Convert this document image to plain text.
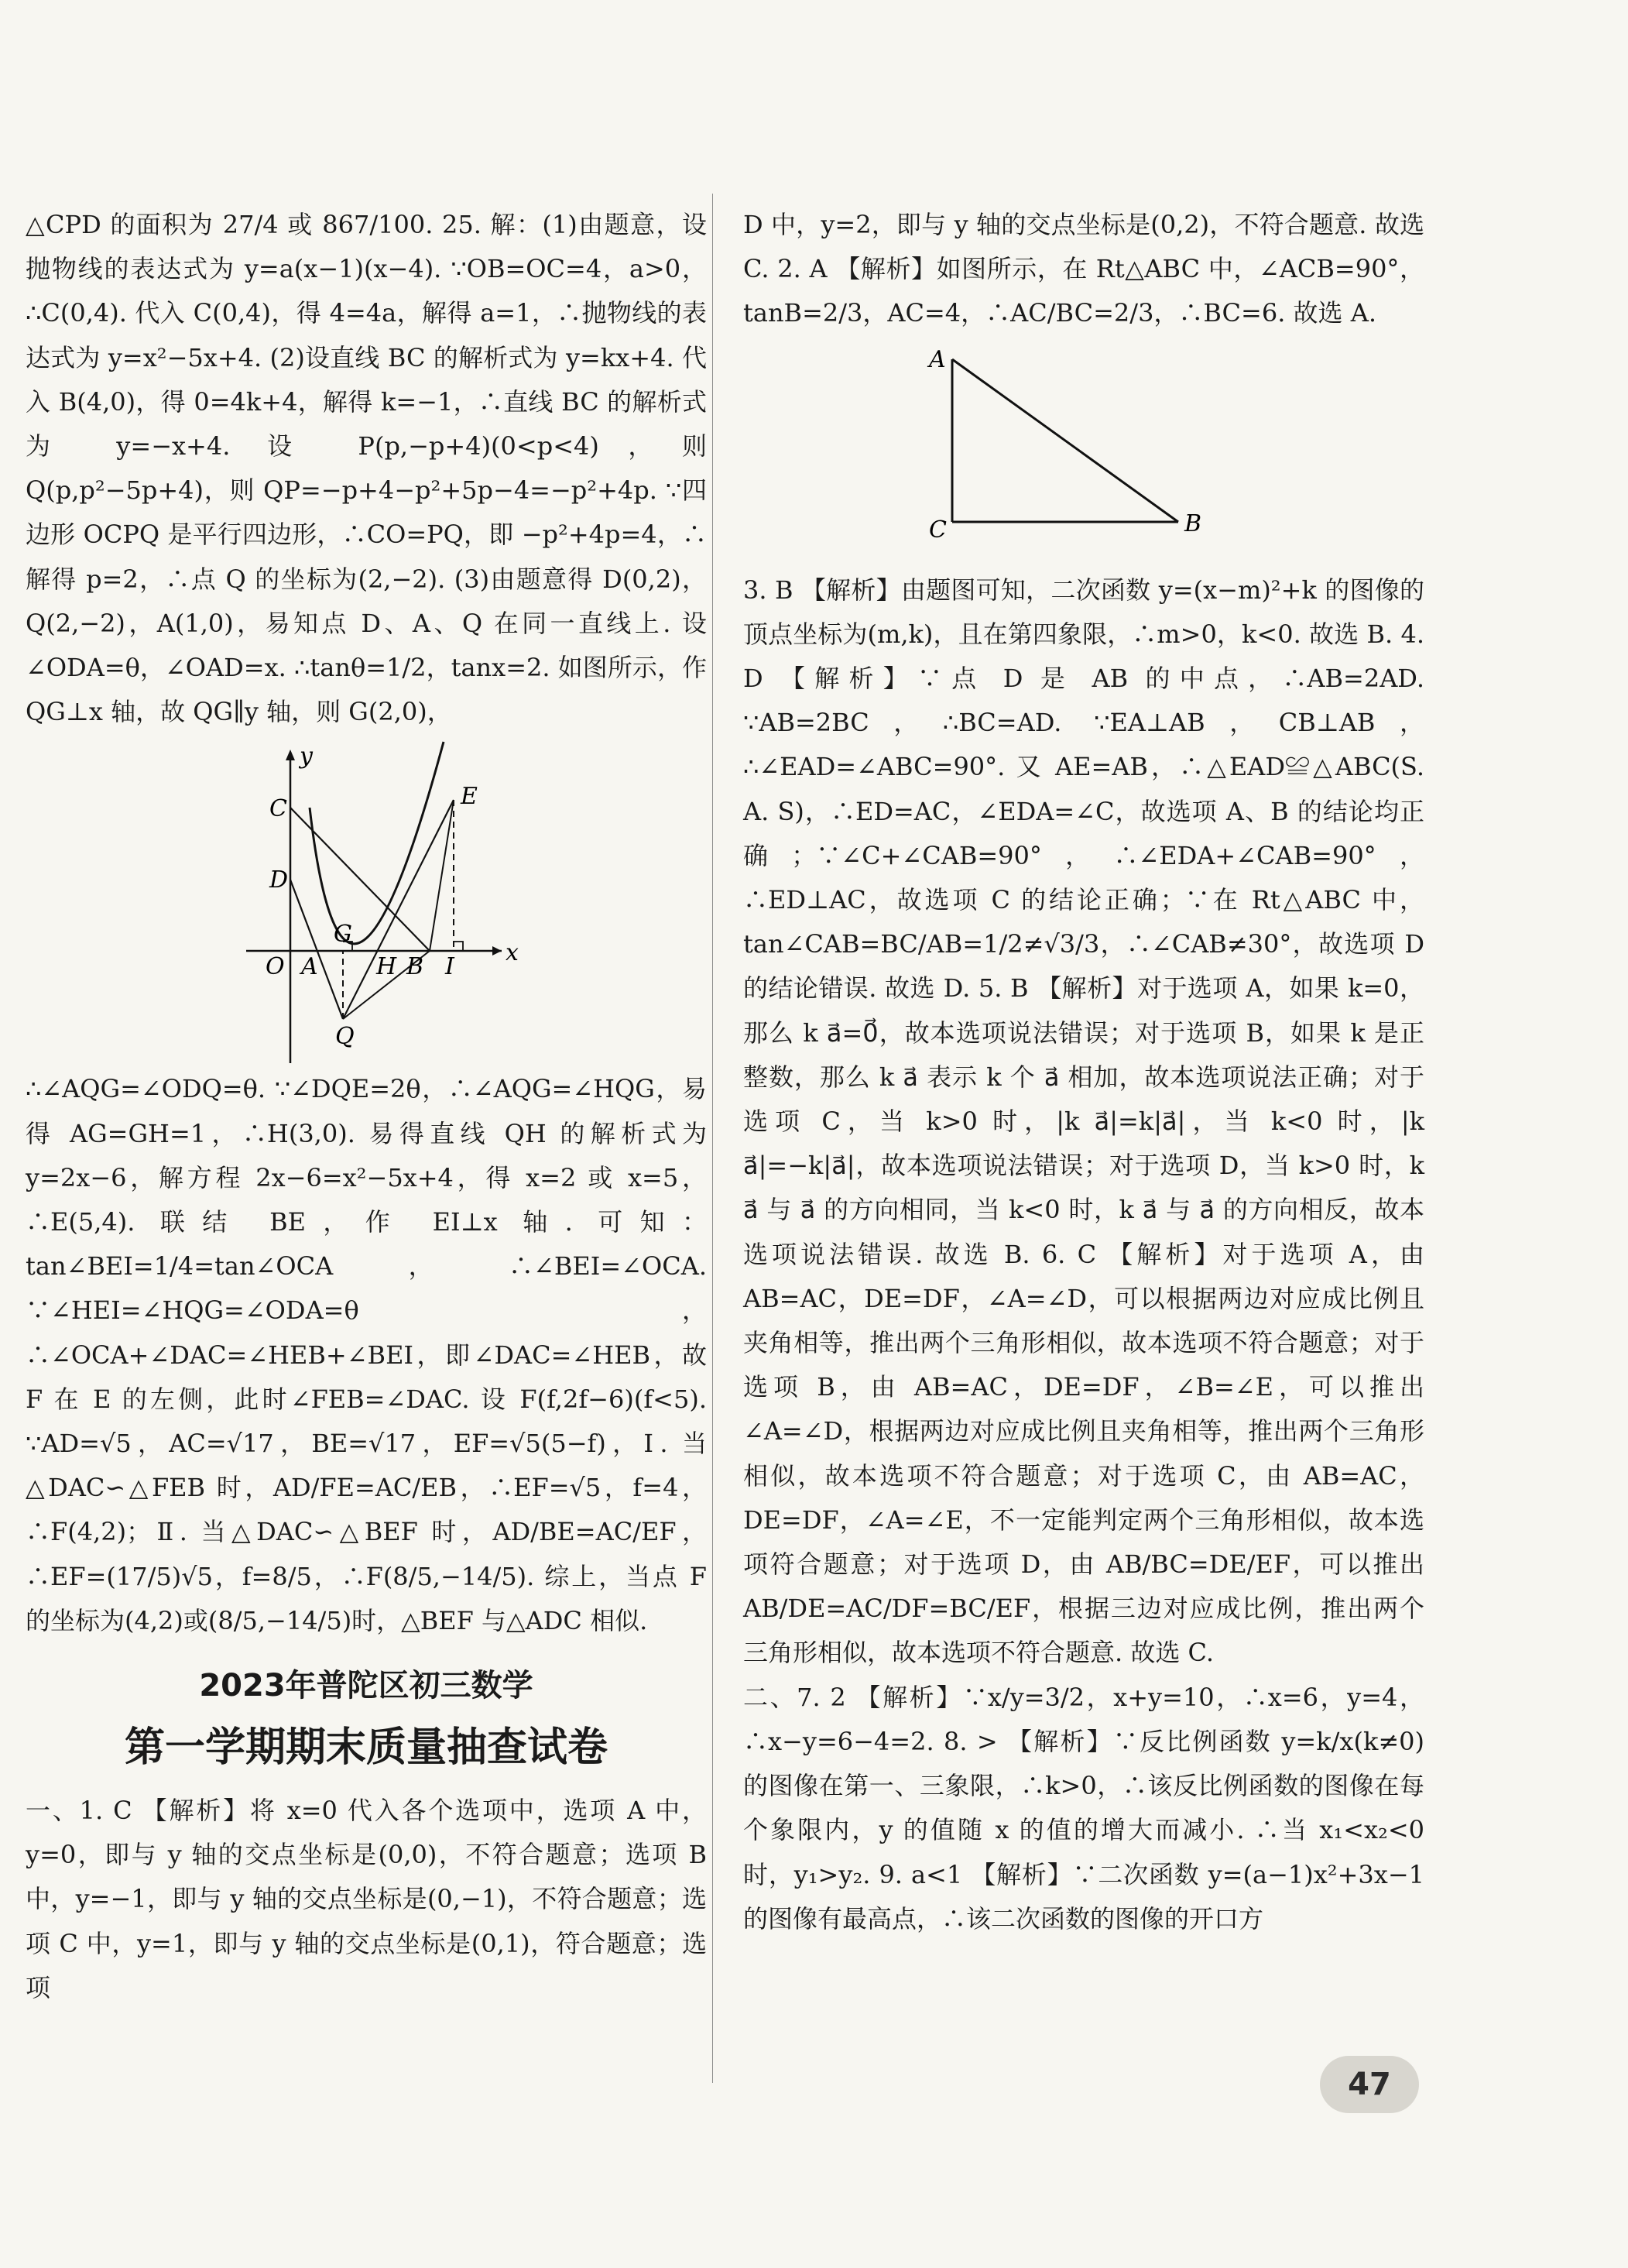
△CPD 的面积为 27/4 或 867/100. 25. 解：(1)由题意，设抛物线的表达式为 y=a(x−1)(x−4). ∵OB=OC=4，a>0，∴C(0,4). 代入 C(0,4)，得 4=4a，解得 a=1，∴抛物线的表达式为 y=x²−5x+4. (2)设直线 BC 的解析式为 y=kx+4. 代入 B(4,0)，得 0=4k+4，解得 k=−1，∴直线 BC 的解析式为 y=−x+4. 设 P(p,−p+4)(0<p<4)，则 Q(p,p²−5p+4)，则 QP=−p+4−p²+5p−4=−p²+4p. ∵四边形 OCPQ 是平行四边形，∴CO=PQ，即 −p²+4p=4，∴解得 p=2，∴点 Q 的坐标为(2,−2). (3)由题意得 D(0,2)，Q(2,−2)，A(1,0)，易知点 D、A、Q 在同一直线上. 设∠ODA=θ，∠OAD=x. ∴tanθ=1/2，tanx=2. 如图所示，作 QG⊥x 轴，故 QG∥y 轴，则 G(2,0)，

y
x
C
D
E
O A
G
H B I
Q

∴∠AQG=∠ODQ=θ. ∵∠DQE=2θ，∴∠AQG=∠HQG，易得 AG=GH=1，∴H(3,0). 易得直线 QH 的解析式为 y=2x−6，解方程 2x−6=x²−5x+4，得 x=2 或 x=5，∴E(5,4). 联结 BE，作 EI⊥x 轴. 可知：tan∠BEI=1/4=tan∠OCA，∴∠BEI=∠OCA. ∵∠HEI=∠HQG=∠ODA=θ，∴∠OCA+∠DAC=∠HEB+∠BEI，即∠DAC=∠HEB，故 F 在 E 的左侧，此时∠FEB=∠DAC. 设 F(f,2f−6)(f<5). ∵AD=√5，AC=√17，BE=√17，EF=√5(5−f)，Ⅰ. 当△DAC∽△FEB 时，AD/FE=AC/EB，∴EF=√5，f=4，∴F(4,2)；Ⅱ. 当△DAC∽△BEF 时，AD/BE=AC/EF，∴EF=(17/5)√5，f=8/5，∴F(8/5,−14/5). 综上，当点 F 的坐标为(4,2)或(8/5,−14/5)时，△BEF 与△ADC 相似.

2023年普陀区初三数学
第一学期期末质量抽查试卷

一、1. C 【解析】将 x=0 代入各个选项中，选项 A 中，y=0，即与 y 轴的交点坐标是(0,0)，不符合题意；选项 B 中，y=−1，即与 y 轴的交点坐标是(0,−1)，不符合题意；选项 C 中，y=1，即与 y 轴的交点坐标是(0,1)，符合题意；选项

D 中，y=2，即与 y 轴的交点坐标是(0,2)，不符合题意. 故选 C. 2. A 【解析】如图所示，在 Rt△ABC 中，∠ACB=90°，tanB=2/3，AC=4，∴AC/BC=2/3，∴BC=6. 故选 A.

A
C	B

3. B 【解析】由题图可知，二次函数 y=(x−m)²+k 的图像的顶点坐标为(m,k)，且在第四象限，∴m>0，k<0. 故选 B. 4. D 【解析】∵点 D 是 AB 的中点，∴AB=2AD. ∵AB=2BC，∴BC=AD. ∵EA⊥AB，CB⊥AB，∴∠EAD=∠ABC=90°. 又 AE=AB，∴△EAD≌△ABC(S. A. S)，∴ED=AC，∠EDA=∠C，故选项 A、B 的结论均正确；∵∠C+∠CAB=90°，∴∠EDA+∠CAB=90°，∴ED⊥AC，故选项 C 的结论正确；∵在 Rt△ABC 中，tan∠CAB=BC/AB=1/2≠√3/3，∴∠CAB≠30°，故选项 D 的结论错误. 故选 D. 5. B 【解析】对于选项 A，如果 k=0，那么 k a⃗=0⃗，故本选项说法错误；对于选项 B，如果 k 是正整数，那么 k a⃗ 表示 k 个 a⃗ 相加，故本选项说法正确；对于选项 C，当 k>0 时，|k a⃗|=k|a⃗|，当 k<0 时，|k a⃗|=−k|a⃗|，故本选项说法错误；对于选项 D，当 k>0 时，k a⃗ 与 a⃗ 的方向相同，当 k<0 时，k a⃗ 与 a⃗ 的方向相反，故本选项说法错误. 故选 B. 6. C 【解析】对于选项 A，由 AB=AC，DE=DF，∠A=∠D，可以根据两边对应成比例且夹角相等，推出两个三角形相似，故本选项不符合题意；对于选项 B，由 AB=AC，DE=DF，∠B=∠E，可以推出∠A=∠D，根据两边对应成比例且夹角相等，推出两个三角形相似，故本选项不符合题意；对于选项 C，由 AB=AC，DE=DF，∠A=∠E，不一定能判定两个三角形相似，故本选项符合题意；对于选项 D，由 AB/BC=DE/EF，可以推出 AB/DE=AC/DF=BC/EF，根据三边对应成比例，推出两个三角形相似，故本选项不符合题意. 故选 C.

二、7. 2 【解析】∵x/y=3/2，x+y=10，∴x=6，y=4，∴x−y=6−4=2. 8. > 【解析】∵反比例函数 y=k/x(k≠0)的图像在第一、三象限，∴k>0，∴该反比例函数的图像在每个象限内，y 的值随 x 的值的增大而减小. ∴当 x₁<x₂<0 时，y₁>y₂. 9. a<1 【解析】∵二次函数 y=(a−1)x²+3x−1 的图像有最高点，∴该二次函数的图像的开口方

47
